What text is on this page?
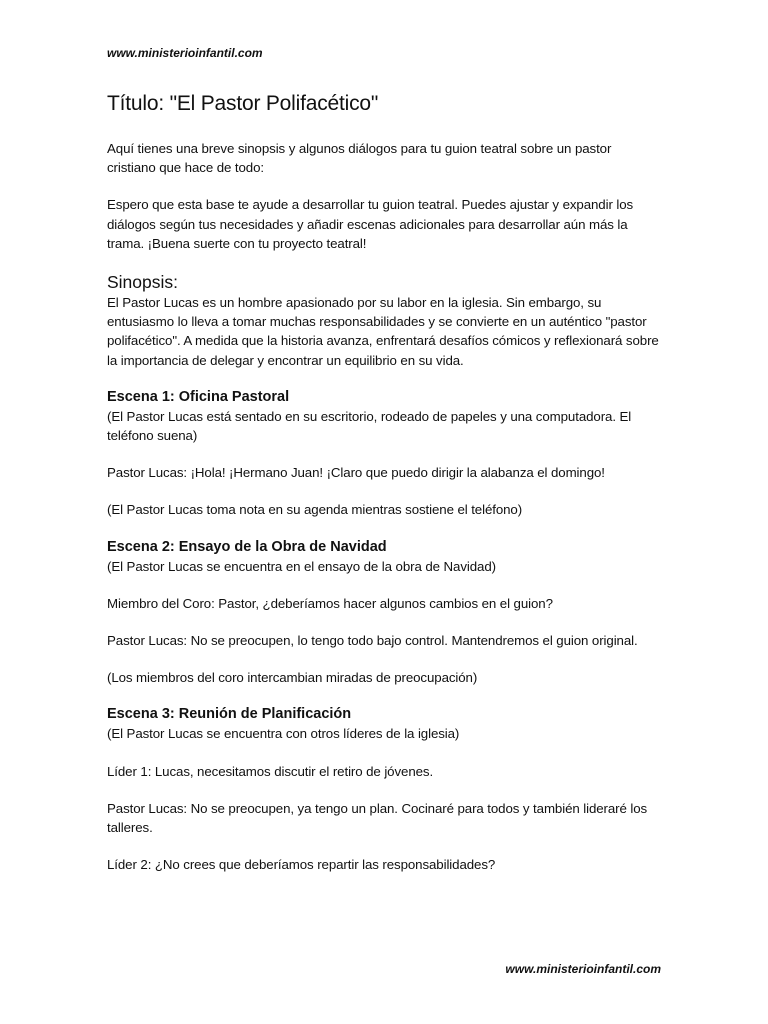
www.ministerioinfantil.com
Título: "El Pastor Polifacético"

Aquí tienes una breve sinopsis y algunos diálogos para tu guion teatral sobre un pastor cristiano que hace de todo:

Espero que esta base te ayude a desarrollar tu guion teatral. Puedes ajustar y expandir los diálogos según tus necesidades y añadir escenas adicionales para desarrollar aún más la trama. ¡Buena suerte con tu proyecto teatral!

Sinopsis:

El Pastor Lucas es un hombre apasionado por su labor en la iglesia. Sin embargo, su entusiasmo lo lleva a tomar muchas responsabilidades y se convierte en un auténtico "pastor polifacético". A medida que la historia avanza, enfrentará desafíos cómicos y reflexionará sobre la importancia de delegar y encontrar un equilibrio en su vida.

Escena 1: Oficina Pastoral

(El Pastor Lucas está sentado en su escritorio, rodeado de papeles y una computadora. El teléfono suena)

Pastor Lucas: ¡Hola! ¡Hermano Juan! ¡Claro que puedo dirigir la alabanza el domingo!

(El Pastor Lucas toma nota en su agenda mientras sostiene el teléfono)

Escena 2: Ensayo de la Obra de Navidad

(El Pastor Lucas se encuentra en el ensayo de la obra de Navidad)

Miembro del Coro: Pastor, ¿deberíamos hacer algunos cambios en el guion?

Pastor Lucas: No se preocupen, lo tengo todo bajo control. Mantendremos el guion original.

(Los miembros del coro intercambian miradas de preocupación)

Escena 3: Reunión de Planificación

(El Pastor Lucas se encuentra con otros líderes de la iglesia)

Líder 1: Lucas, necesitamos discutir el retiro de jóvenes.

Pastor Lucas: No se preocupen, ya tengo un plan. Cocinaré para todos y también lideraré los talleres.

Líder 2: ¿No crees que deberíamos repartir las responsabilidades?

www.ministerioinfantil.com
